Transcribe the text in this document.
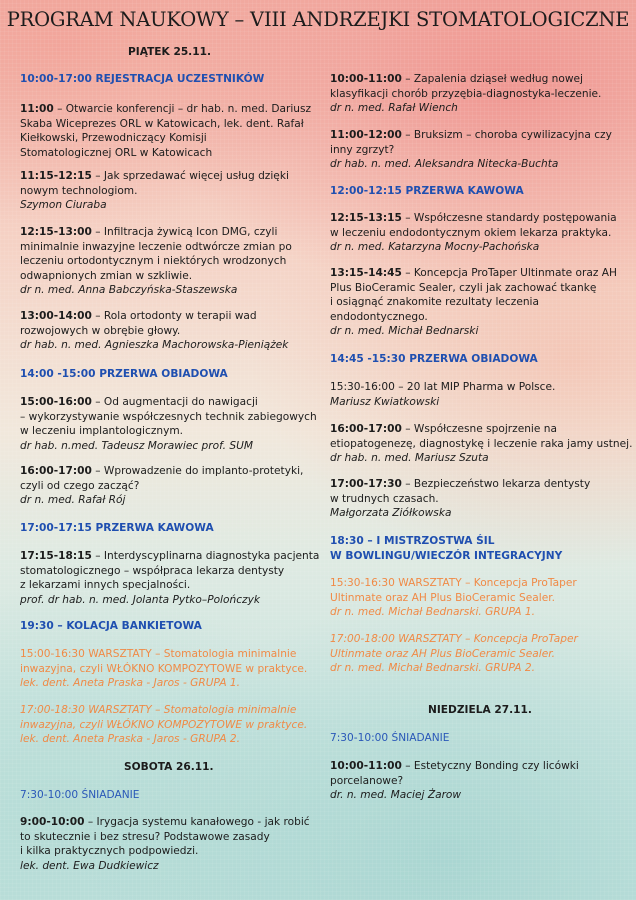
PROGRAM NAUKOWY – VIII ANDRZEJKI STOMATOLOGICZNE
PIĄTEK 25.11.
10:00-17:00 REJESTRACJA UCZESTNIKÓW
11:00 – Otwarcie konferencji – dr hab. n. med. Dariusz
Skaba Wiceprezes ORL w Katowicach, lek. dent. Rafał
Kiełkowski, Przewodniczący Komisji
Stomatologicznej ORL w Katowicach
11:15-12:15 – Jak sprzedawać więcej usług dzięki
nowym technologiom.
Szymon Ciuraba
12:15-13:00 – Infiltracja żywicą Icon DMG, czyli
minimalnie inwazyjne leczenie odtwórcze zmian po
leczeniu ortodontycznym i niektórych wrodzonych
odwapnionych zmian w szkliwie.
dr n. med. Anna Babczyńska-Staszewska
13:00-14:00 – Rola ortodonty w terapii wad
rozwojowych w obrębie głowy.
dr hab. n. med. Agnieszka Machorowska-Pieniążek
14:00 -15:00 PRZERWA OBIADOWA
15:00-16:00 – Od augmentacji do nawigacji
– wykorzystywanie współczesnych technik zabiegowych
w leczeniu implantologicznym.
dr hab. n.med. Tadeusz Morawiec prof. SUM
16:00-17:00 – Wprowadzenie do implanto-protetyki,
czyli od czego zacząć?
dr n. med. Rafał Rój
17:00-17:15 PRZERWA KAWOWA
17:15-18:15 – Interdyscyplinarna diagnostyka pacjenta
stomatologicznego – współpraca lekarza dentysty
z lekarzami innych specjalności.
prof. dr hab. n. med. Jolanta Pytko–Polończyk
19:30 – KOLACJA BANKIETOWA
15:00-16:30 WARSZTATY – Stomatologia minimalnie
inwazyjna, czyli WŁÓKNO KOMPOZYTOWE w praktyce.
lek. dent. Aneta Praska - Jaros - GRUPA 1.
17:00-18:30 WARSZTATY – Stomatologia minimalnie
inwazyjna, czyli WŁÓKNO KOMPOZYTOWE w praktyce.
lek. dent. Aneta Praska - Jaros - GRUPA 2.
SOBOTA 26.11.
7:30-10:00 ŚNIADANIE
9:00-10:00 – Irygacja systemu kanałowego - jak robić
to skutecznie i bez stresu? Podstawowe zasady
i kilka praktycznych podpowiedzi.
lek. dent. Ewa Dudkiewicz
10:00-11:00 – Zapalenia dziąseł według nowej
klasyfikacji chorób przyzębia-diagnostyka-leczenie.
dr n. med. Rafał Wiench
11:00-12:00 – Bruksizm – choroba cywilizacyjna czy
inny zgrzyt?
dr hab. n. med. Aleksandra Nitecka-Buchta
12:00-12:15 PRZERWA KAWOWA
12:15-13:15 – Współczesne standardy postępowania
w leczeniu endodontycznym okiem lekarza praktyka.
dr n. med. Katarzyna Mocny-Pachońska
13:15-14:45 – Koncepcja ProTaper Ultinmate oraz AH
Plus BioCeramic Sealer, czyli jak zachować tkankę
i osiągnąć znakomite rezultaty leczenia
endodontycznego.
dr n. med. Michał Bednarski
14:45 -15:30 PRZERWA OBIADOWA
15:30-16:00 – 20 lat MIP Pharma w Polsce.
Mariusz Kwiatkowski
16:00-17:00 – Współczesne spojrzenie na
etiopatogenezę, diagnostykę i leczenie raka jamy ustnej.
dr hab. n. med. Mariusz Szuta
17:00-17:30 – Bezpieczeństwo lekarza dentysty
w trudnych czasach.
Małgorzata Ziółkowska
18:30 – I MISTRZOSTWA ŚIL
W BOWLINGU/WIECZÓR INTEGRACYJNY
15:30-16:30 WARSZTATY – Koncepcja ProTaper
Ultinmate oraz AH Plus BioCeramic Sealer.
dr n. med. Michał Bednarski. GRUPA 1.
17:00-18:00 WARSZTATY – Koncepcja ProTaper
Ultinmate oraz AH Plus BioCeramic Sealer.
dr n. med. Michał Bednarski. GRUPA 2.
NIEDZIELA 27.11.
7:30-10:00 ŚNIADANIE
10:00-11:00 – Estetyczny Bonding czy licówki
porcelanowe?
dr. n. med. Maciej Żarow
